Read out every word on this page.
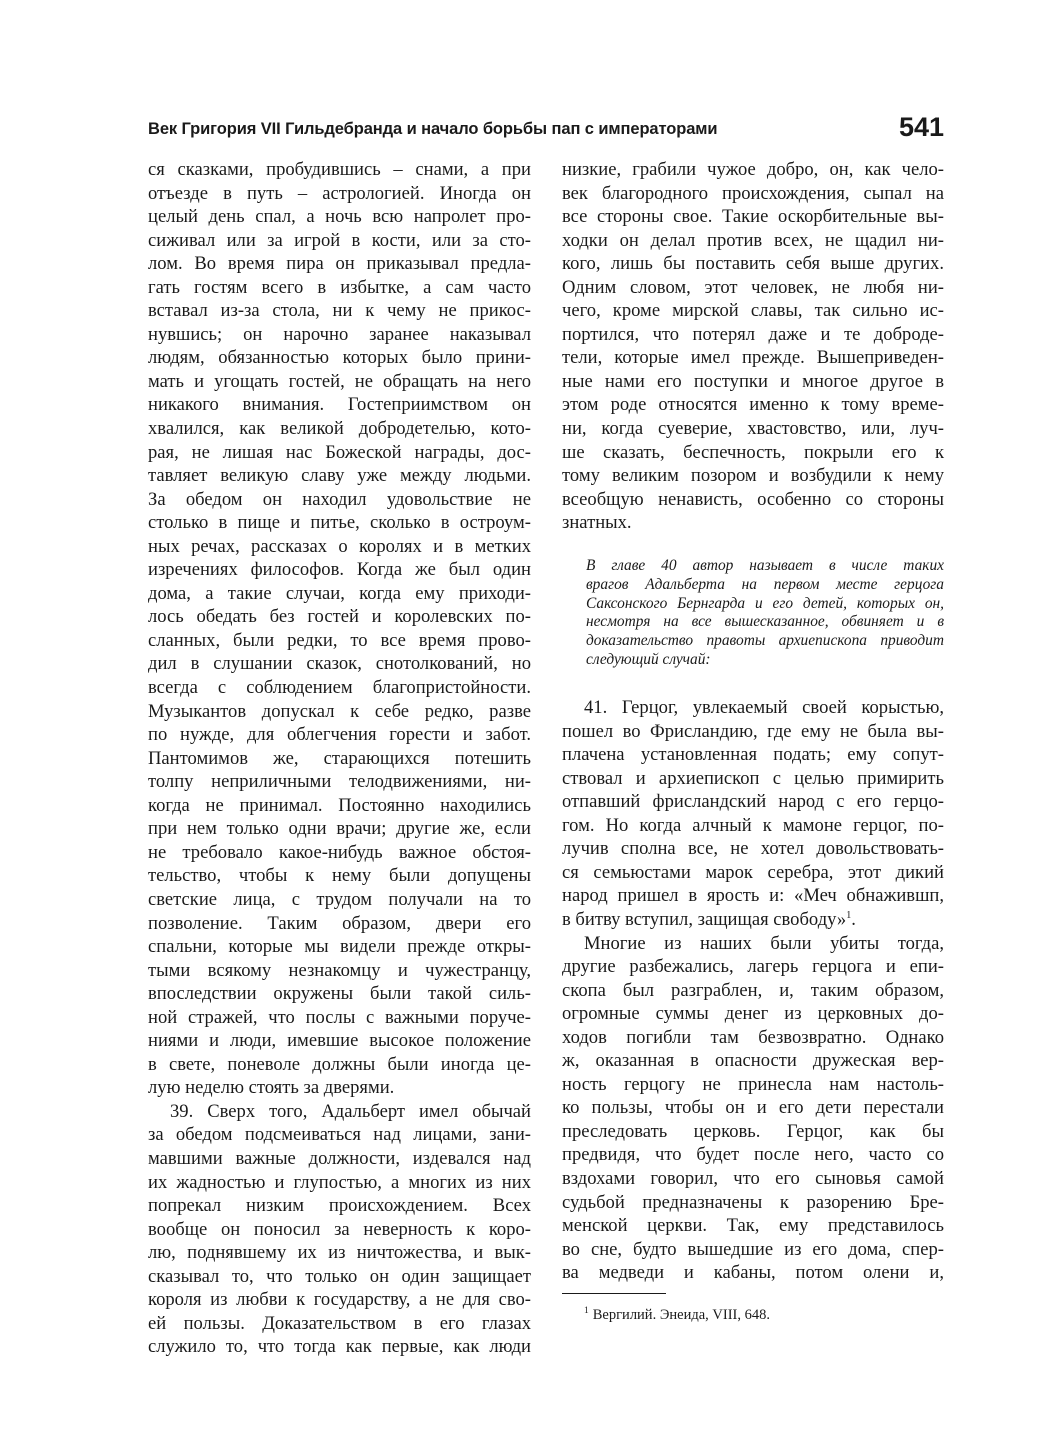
Век Григория VII Гильдебранда и начало борьбы пап с императорами	541
ся сказками, пробудившись – снами, а при
отъезде в путь – астрологией. Иногда он
целый день спал, а ночь всю напролет про-
сиживал или за игрой в кости, или за сто-
лом. Во время пира он приказывал предла-
гать гостям всего в избытке, а сам часто
вставал из-за стола, ни к чему не прикос-
нувшись; он нарочно заранее наказывал
людям, обязанностью которых было прини-
мать и угощать гостей, не обращать на него
никакого внимания. Гостеприимством он
хвалился, как великой добродетелью, кото-
рая, не лишая нас Божеской награды, дос-
тавляет великую славу уже между людьми.
За обедом он находил удовольствие не
столько в пище и питье, сколько в остроум-
ных речах, рассказах о королях и в метких
изречениях философов. Когда же был один
дома, а такие случаи, когда ему приходи-
лось обедать без гостей и королевских по-
сланных, были редки, то все время прово-
дил в слушании сказок, снотолкований, но
всегда с соблюдением благопристойности.
Музыкантов допускал к себе редко, разве
по нужде, для облегчения горести и забот.
Пантомимов же, старающихся потешить
толпу неприличными телодвижениями, ни-
когда не принимал. Постоянно находились
при нем только одни врачи; другие же, если
не требовало какое-нибудь важное обстоя-
тельство, чтобы к нему были допущены
светские лица, с трудом получали на то
позволение. Таким образом, двери его
спальни, которые мы видели прежде откры-
тыми всякому незнакомцу и чужестранцу,
впоследствии окружены были такой силь-
ной стражей, что послы с важными поруче-
ниями и люди, имевшие высокое положение
в свете, поневоле должны были иногда це-
лую неделю стоять за дверями.
39. Сверх того, Адальберт имел обычай
за обедом подсмеиваться над лицами, зани-
мавшими важные должности, издевался над
их жадностью и глупостью, а многих из них
попрекал низким происхождением. Всех
вообще он поносил за неверность к коро-
лю, поднявшему их из ничтожества, и вык-
сказывал то, что только он один защищает
короля из любви к государству, а не для сво-
ей пользы. Доказательством в его глазах
служило то, что тогда как первые, как люди
низкие, грабили чужое добро, он, как чело-
век благородного происхождения, сыпал на
все стороны свое. Такие оскорбительные вы-
ходки он делал против всех, не щадил ни-
кого, лишь бы поставить себя выше других.
Одним словом, этот человек, не любя ни-
чего, кроме мирской славы, так сильно ис-
портился, что потерял даже и те доброде-
тели, которые имел прежде. Вышеприведен-
ные нами его поступки и многое другое в
этом роде относятся именно к тому време-
ни, когда суеверие, хвастовство, или, луч-
ше сказать, беспечность, покрыли его к
тому великим позором и возбудили к нему
всеобщую ненависть, особенно со стороны
знатных.
В главе 40 автор называет в числе таких
врагов Адальберта на первом месте герцога
Саксонского Бернгарда и его детей, которых он,
несмотря на все вышесказанное, обвиняет и в
доказательство правоты архиепископа приводит
следующий случай:
41. Герцог, увлекаемый своей корыстью,
пошел во Фрисландию, где ему не была вы-
плачена установленная подать; ему сопут-
ствовал и архиепископ с целью примирить
отпавший фрисландский народ с его герцо-
гом. Но когда алчный к мамоне герцог, по-
лучив сполна все, не хотел довольствовать-
ся семьюстами марок серебра, этот дикий
народ пришел в ярость и: «Меч обнажившп,
в битву вступил, защищая свободу»$^1$.
Многие из наших были убиты тогда,
другие разбежались, лагерь герцога и епи-
скопа был разграблен, и, таким образом,
огромные суммы денег из церковных до-
ходов погибли там безвозвратно. Однако
ж, оказанная в опасности дружеская вер-
ность герцогу не принесла нам настоль-
ко пользы, чтобы он и его дети перестали
преследовать церковь. Герцог, как бы
предвидя, что будет после него, часто со
вздохами говорил, что его сыновья самой
судьбой предназначены к разорению Бре-
менской церкви. Так, ему представилось
во сне, будто вышедшие из его дома, спер-
ва медведи и кабаны, потом олени и,
$^1$ Вергилий. Энеида, VIII, 648.
